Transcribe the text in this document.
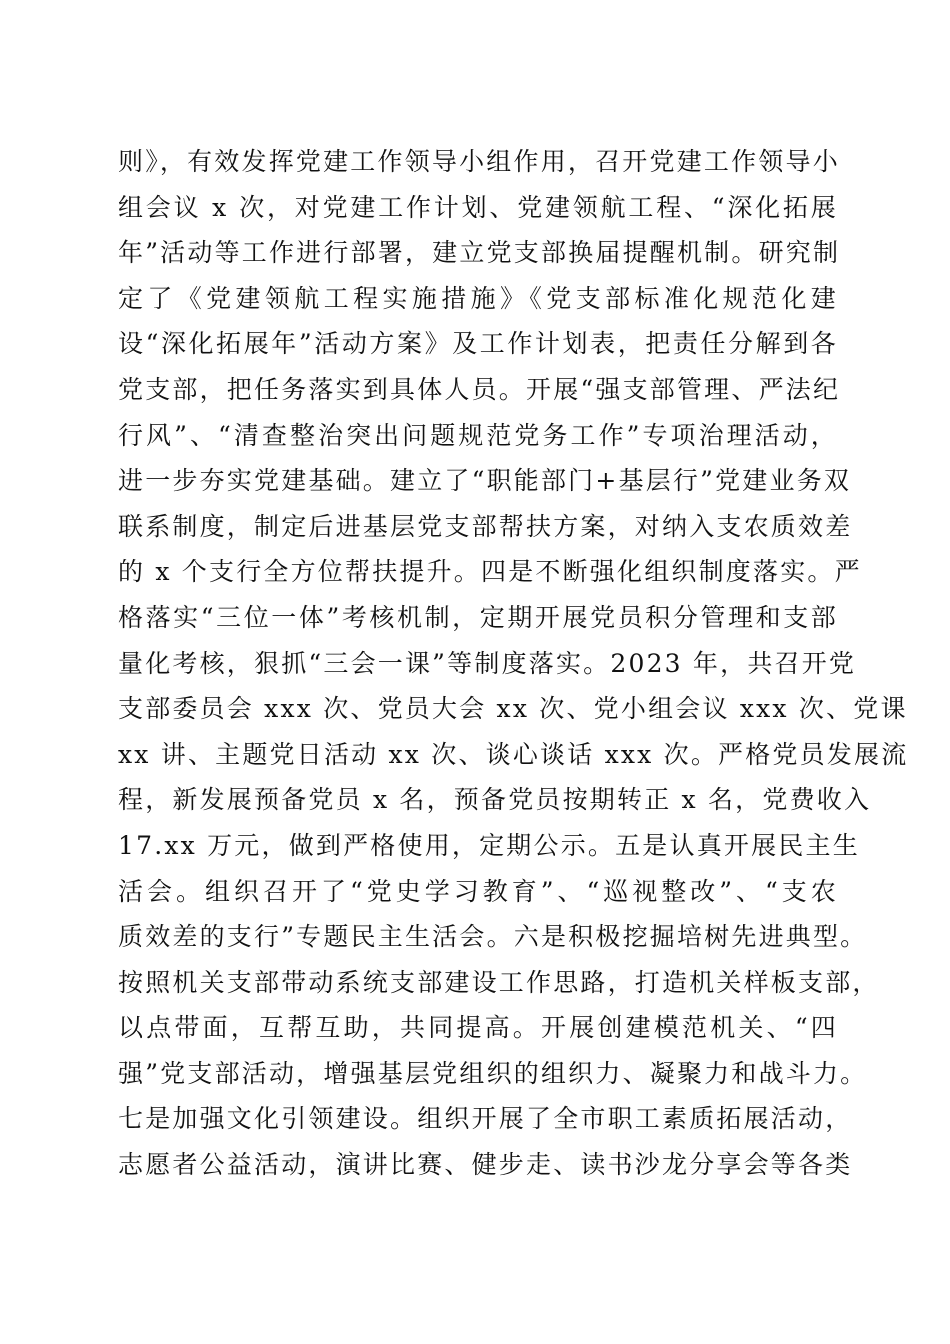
则》，有效发挥党建工作领导小组作用，召开党建工作领导小
组会议 x 次，对党建工作计划、党建领航工程、“深化拓展
年”活动等工作进行部署，建立党支部换届提醒机制。研究制
定了《党建领航工程实施措施》《党支部标准化规范化建
设“深化拓展年”活动方案》及工作计划表，把责任分解到各
党支部，把任务落实到具体人员。开展“强支部管理、严法纪
行风”、“清查整治突出问题规范党务工作”专项治理活动，
进一步夯实党建基础。建立了“职能部门+基层行”党建业务双
联系制度，制定后进基层党支部帮扶方案，对纳入支农质效差
的 x 个支行全方位帮扶提升。四是不断强化组织制度落实。严
格落实“三位一体”考核机制，定期开展党员积分管理和支部
量化考核，狠抓“三会一课”等制度落实。2023 年，共召开党
支部委员会 xxx 次、党员大会 xx 次、党小组会议 xxx 次、党课
xx 讲、主题党日活动 xx 次、谈心谈话 xxx 次。严格党员发展流
程，新发展预备党员 x 名，预备党员按期转正 x 名，党费收入
17.xx 万元，做到严格使用，定期公示。五是认真开展民主生
活会。组织召开了“党史学习教育”、“巡视整改”、“支农
质效差的支行”专题民主生活会。六是积极挖掘培树先进典型。
按照机关支部带动系统支部建设工作思路，打造机关样板支部，
以点带面，互帮互助，共同提高。开展创建模范机关、“四
强”党支部活动，增强基层党组织的组织力、凝聚力和战斗力。
七是加强文化引领建设。组织开展了全市职工素质拓展活动，
志愿者公益活动，演讲比赛、健步走、读书沙龙分享会等各类
